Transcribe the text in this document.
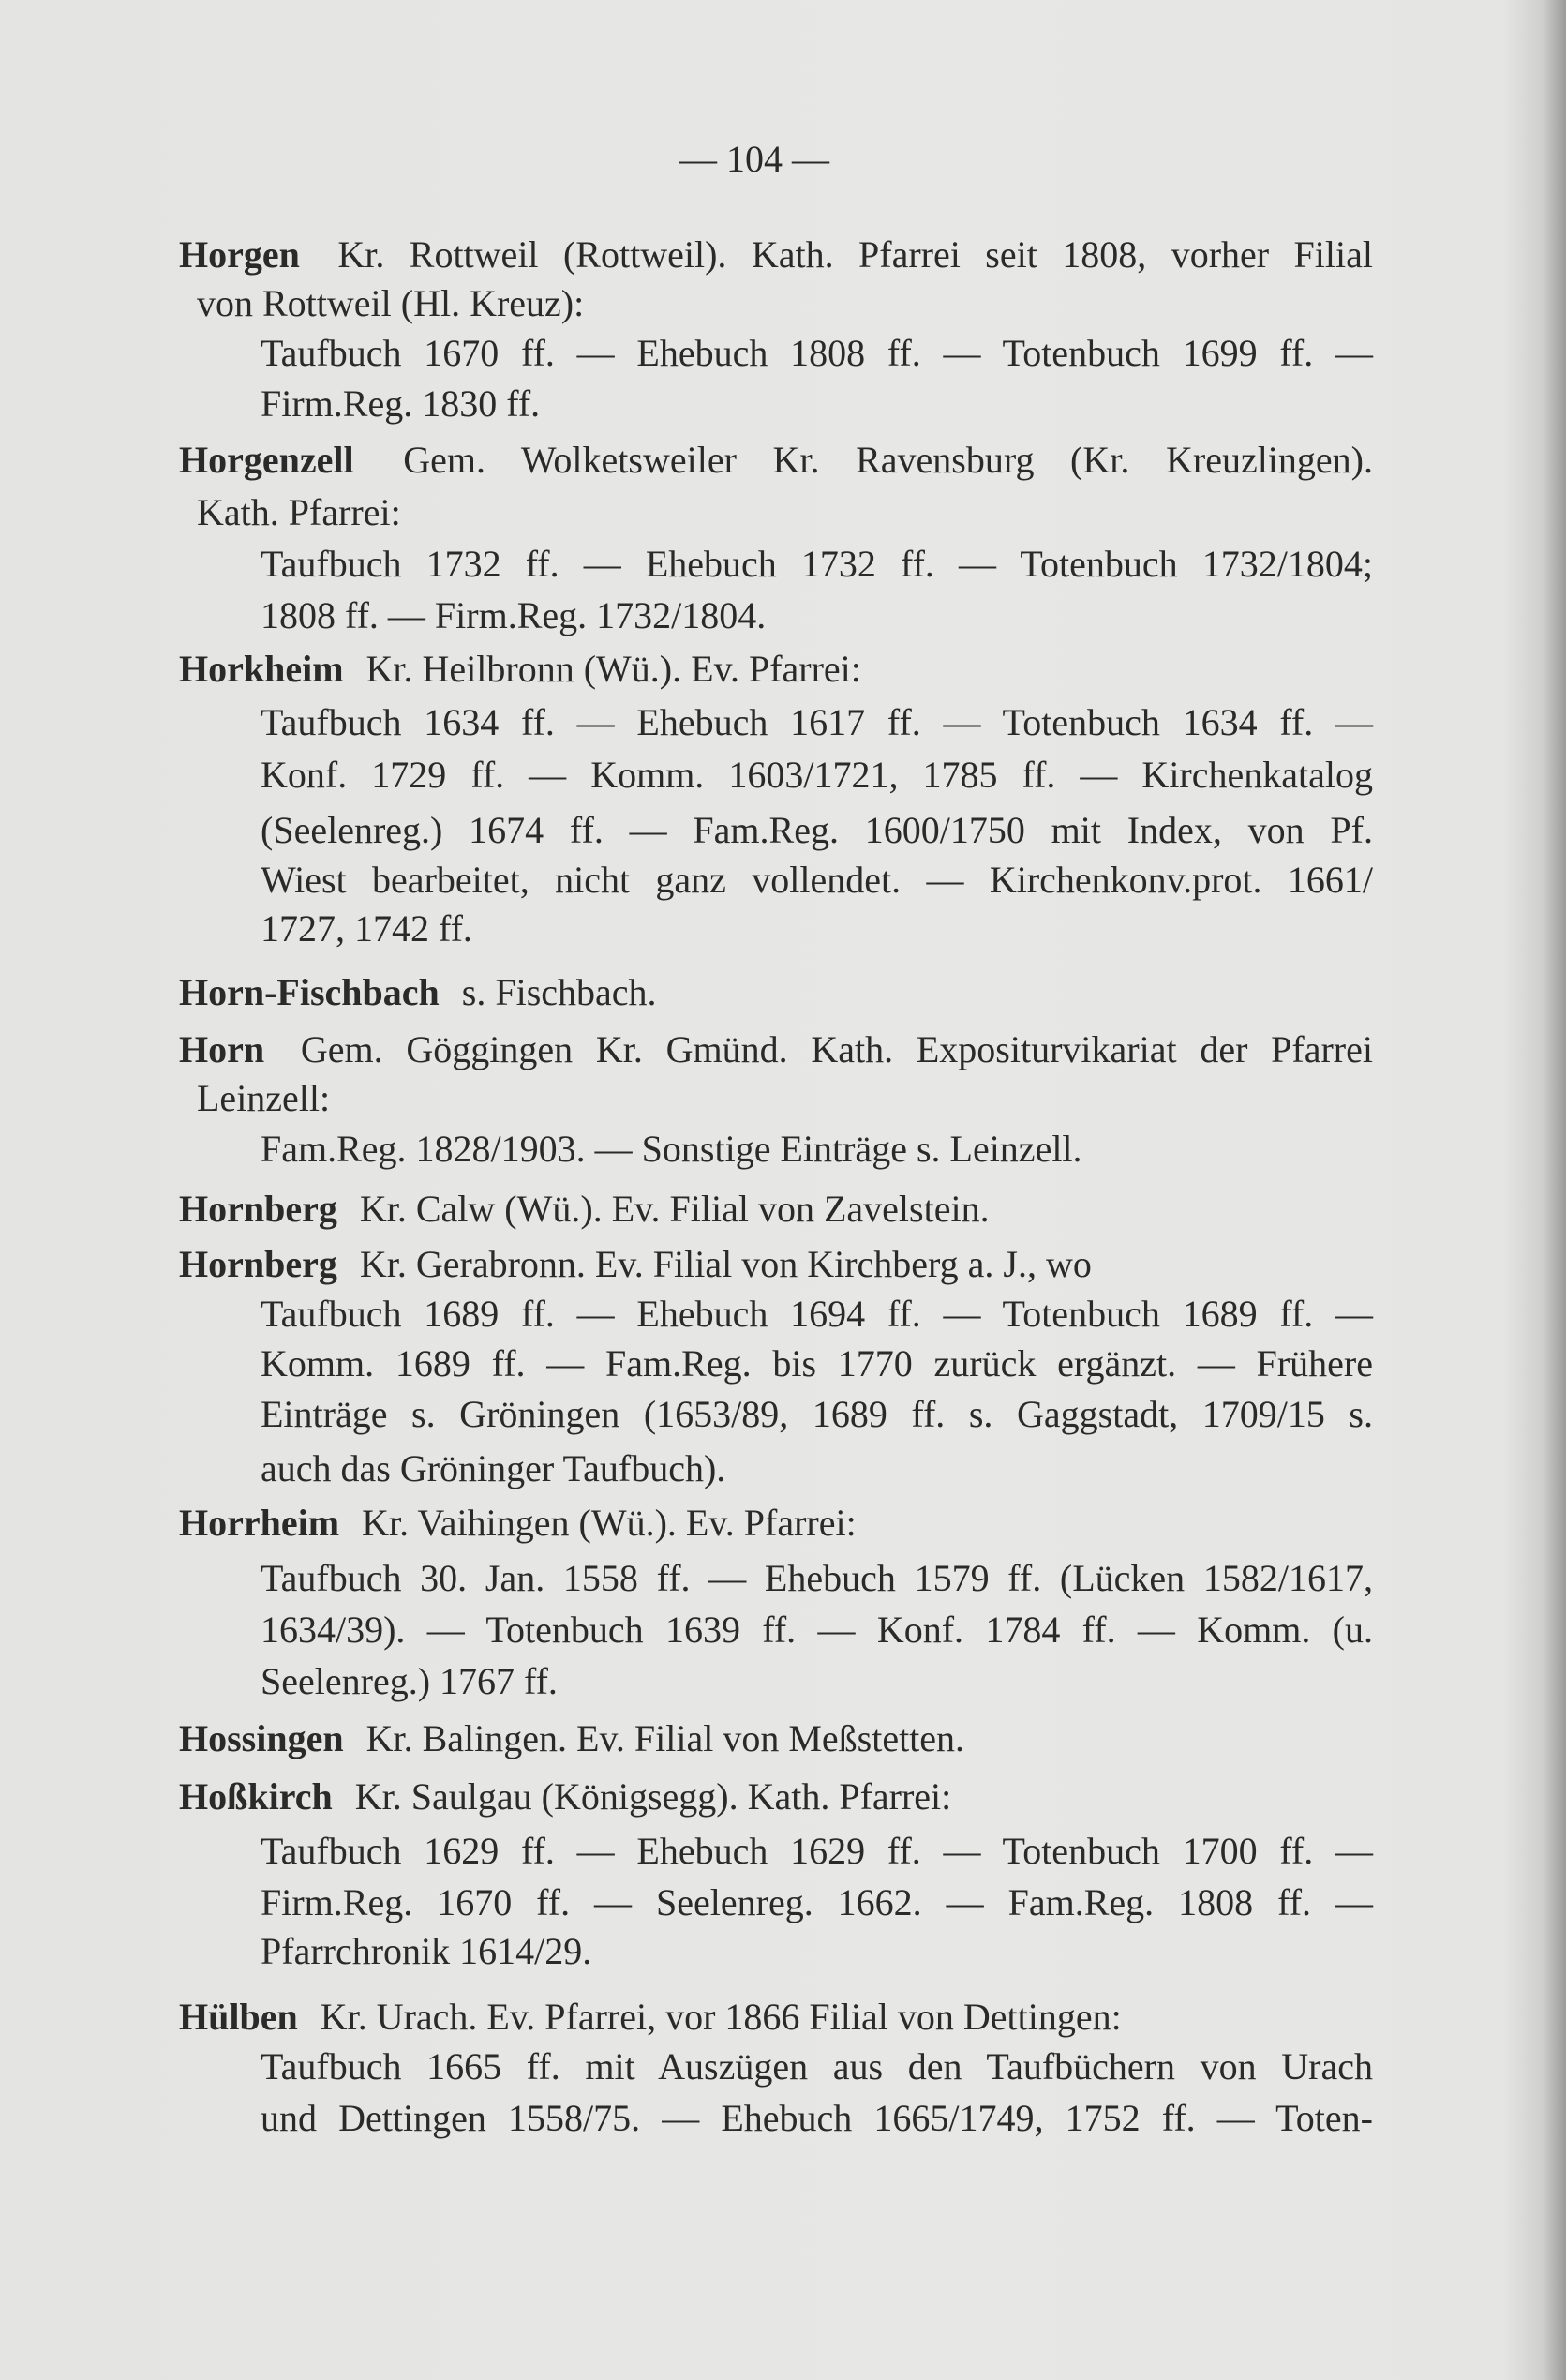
— 104 —
Horgen Kr. Rottweil (Rottweil). Kath. Pfarrei seit 1808, vorher Filial
von Rottweil (Hl. Kreuz):
Taufbuch 1670 ff. — Ehebuch 1808 ff. — Totenbuch 1699 ff. —
Firm.Reg. 1830 ff.
Horgenzell Gem. Wolketsweiler Kr. Ravensburg (Kr. Kreuzlingen).
Kath. Pfarrei:
Taufbuch 1732 ff. — Ehebuch 1732 ff. — Totenbuch 1732/1804;
1808 ff. — Firm.Reg. 1732/1804.
Horkheim Kr. Heilbronn (Wü.). Ev. Pfarrei:
Taufbuch 1634 ff. — Ehebuch 1617 ff. — Totenbuch 1634 ff. —
Konf. 1729 ff. — Komm. 1603/1721, 1785 ff. — Kirchenkatalog
(Seelenreg.) 1674 ff. — Fam.Reg. 1600/1750 mit Index, von Pf.
Wiest bearbeitet, nicht ganz vollendet. — Kirchenkonv.prot. 1661/
1727, 1742 ff.
Horn-Fischbach s. Fischbach.
Horn Gem. Göggingen Kr. Gmünd. Kath. Expositurvikariat der Pfarrei
Leinzell:
Fam.Reg. 1828/1903. — Sonstige Einträge s. Leinzell.
Hornberg Kr. Calw (Wü.). Ev. Filial von Zavelstein.
Hornberg Kr. Gerabronn. Ev. Filial von Kirchberg a. J., wo
Taufbuch 1689 ff. — Ehebuch 1694 ff. — Totenbuch 1689 ff. —
Komm. 1689 ff. — Fam.Reg. bis 1770 zurück ergänzt. — Frühere
Einträge s. Gröningen (1653/89, 1689 ff. s. Gaggstadt, 1709/15 s.
auch das Gröninger Taufbuch).
Horrheim Kr. Vaihingen (Wü.). Ev. Pfarrei:
Taufbuch 30. Jan. 1558 ff. — Ehebuch 1579 ff. (Lücken 1582/1617,
1634/39). — Totenbuch 1639 ff. — Konf. 1784 ff. — Komm. (u.
Seelenreg.) 1767 ff.
Hossingen Kr. Balingen. Ev. Filial von Meßstetten.
Hoßkirch Kr. Saulgau (Königsegg). Kath. Pfarrei:
Taufbuch 1629 ff. — Ehebuch 1629 ff. — Totenbuch 1700 ff. —
Firm.Reg. 1670 ff. — Seelenreg. 1662. — Fam.Reg. 1808 ff. —
Pfarrchronik 1614/29.
Hülben Kr. Urach. Ev. Pfarrei, vor 1866 Filial von Dettingen:
Taufbuch 1665 ff. mit Auszügen aus den Taufbüchern von Urach
und Dettingen 1558/75. — Ehebuch 1665/1749, 1752 ff. — Toten-
